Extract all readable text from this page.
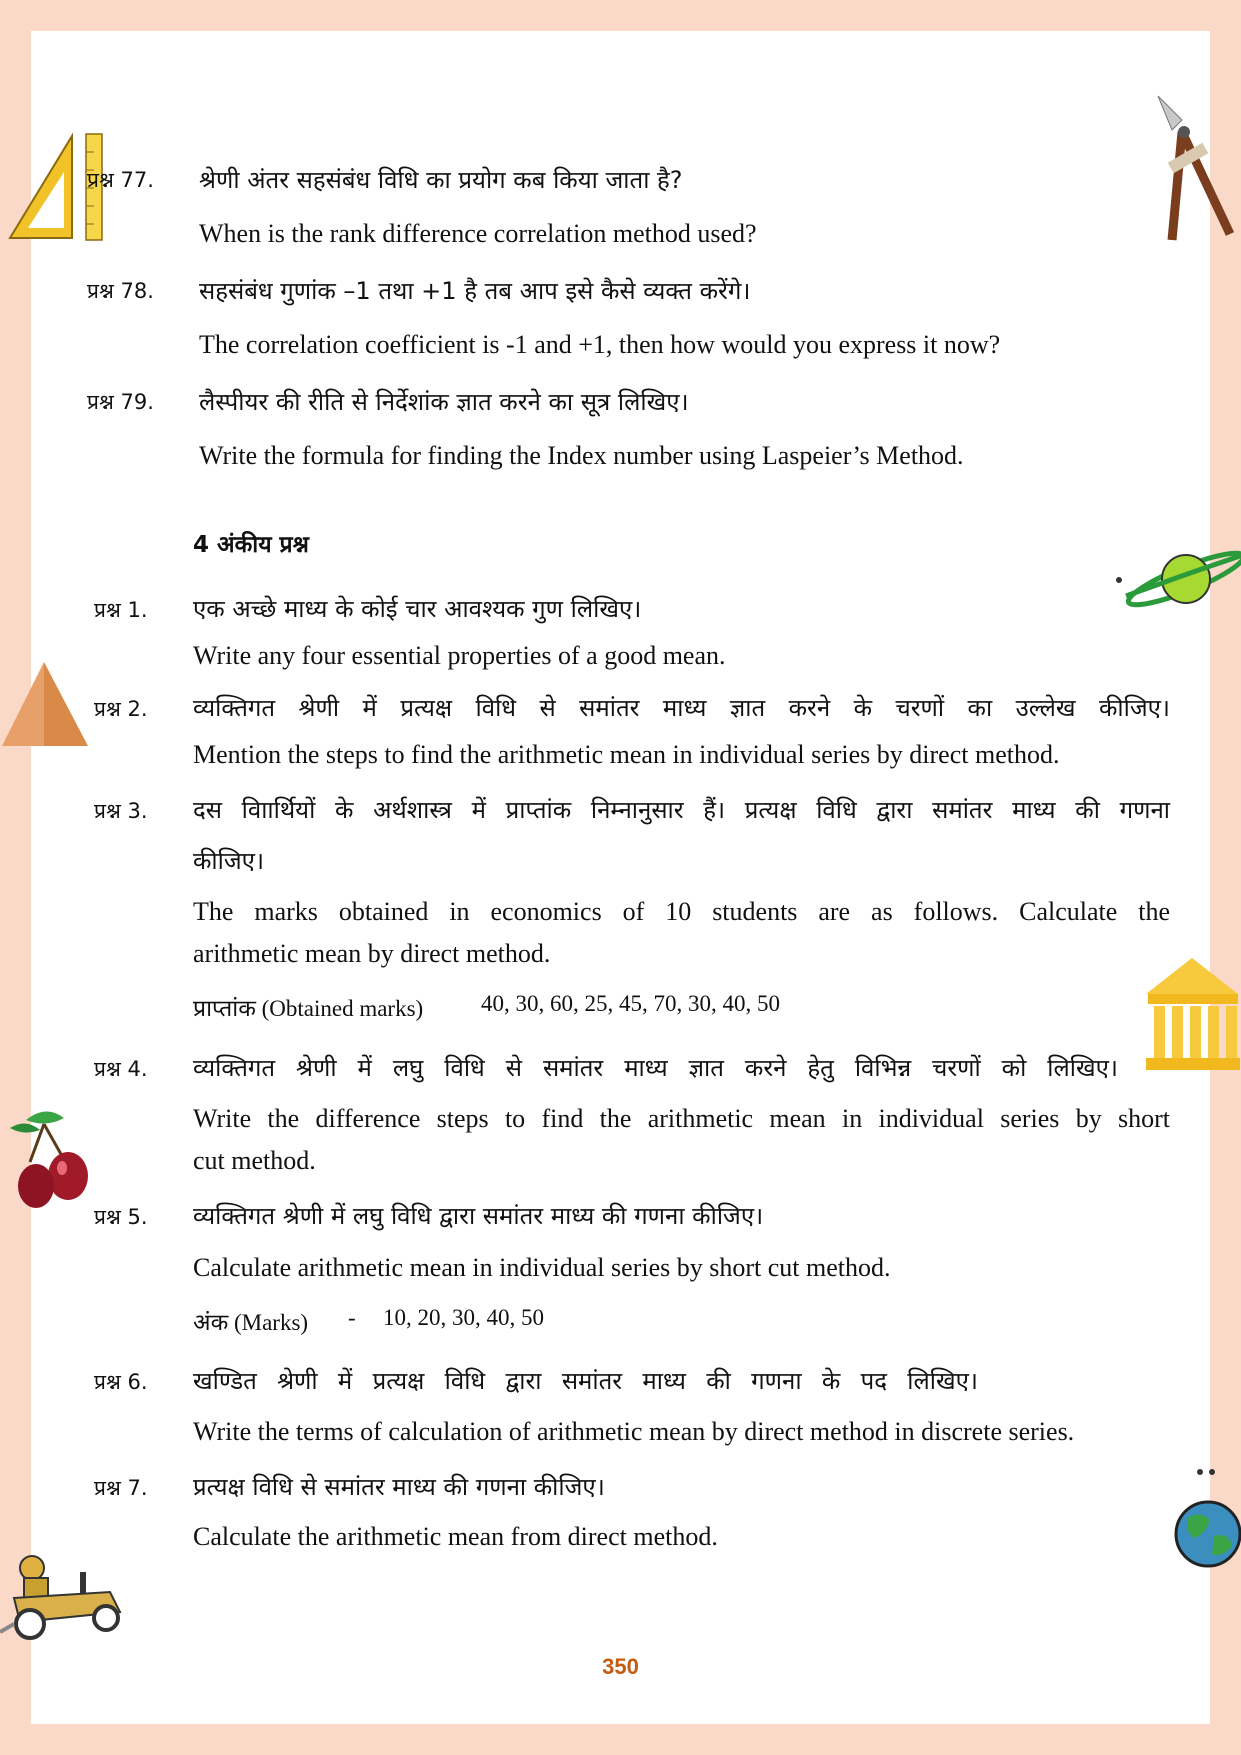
प्रश्न 77. श्रेणी अंतर सहसंबंध विधि का प्रयोग कब किया जाता है?
When is the rank difference correlation method used?
प्रश्न 78. सहसंबंध गुणांक –1 तथा +1 है तब आप इसे कैसे व्यक्त करेंगे।
The correlation coefficient is -1 and +1, then how would you express it now?
प्रश्न 79. लैस्पीयर की रीति से निर्देशांक ज्ञात करने का सूत्र लिखिए।
Write the formula for finding the Index number using Laspeier’s Method.
4 अंकीय प्रश्न
प्रश्न 1. एक अच्छे माध्य के कोई चार आवश्यक गुण लिखिए।
Write any four essential properties of a good mean.
प्रश्न 2. व्यक्तिगत श्रेणी में प्रत्यक्ष विधि से समांतर माध्य ज्ञात करने के चरणों का उल्लेख कीजिए।
Mention the steps to find the arithmetic mean in individual series by direct method.
प्रश्न 3. दस विाार्थियों के अर्थशास्त्र में प्राप्तांक निम्नानुसार हैं। प्रत्यक्ष विधि द्वारा समांतर माध्य की गणना
कीजिए।
The marks obtained in economics of 10 students are as follows. Calculate the
arithmetic mean by direct method.
प्राप्तांक (Obtained marks)	40, 30, 60, 25, 45, 70, 30, 40, 50
प्रश्न 4. व्यक्तिगत श्रेणी में लघु विधि से समांतर माध्य ज्ञात करने हेतु विभिन्न चरणों को लिखिए।
Write the difference steps to find the arithmetic mean in individual series by short
cut method.
प्रश्न 5. व्यक्तिगत श्रेणी में लघु विधि द्वारा समांतर माध्य की गणना कीजिए।
Calculate arithmetic mean in individual series by short cut method.
अंक (Marks) - 10, 20, 30, 40, 50
प्रश्न 6. खण्डित श्रेणी में प्रत्यक्ष विधि द्वारा समांतर माध्य की गणना के पद लिखिए।
Write the terms of calculation of arithmetic mean by direct method in discrete series.
प्रश्न 7. प्रत्यक्ष विधि से समांतर माध्य की गणना कीजिए।
Calculate the arithmetic mean from direct method.
350
